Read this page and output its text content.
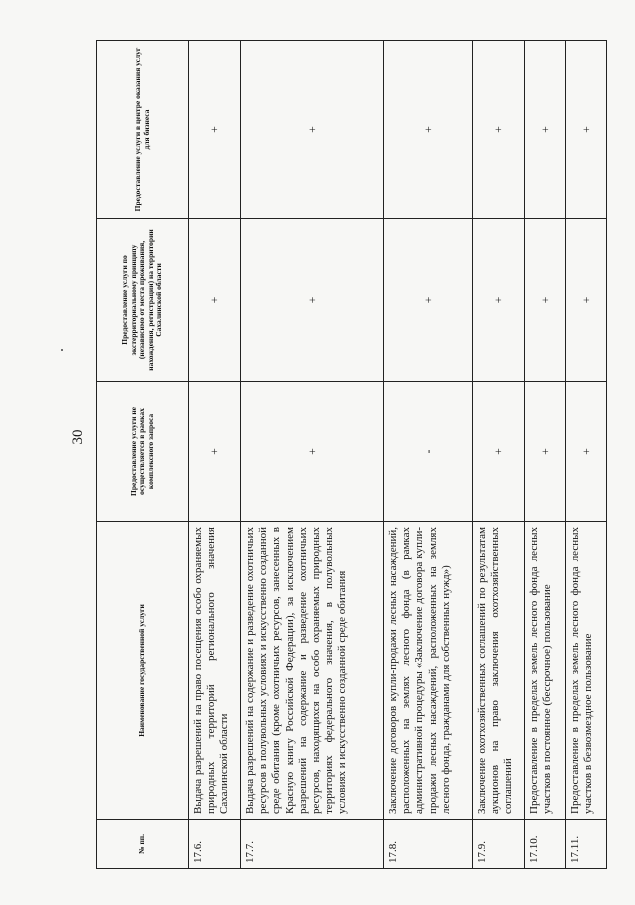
30
№ пп.	Наименование государственной услуги	Предоставление услуги не осуществляется в рамках комплексного запроса	Предоставление услуги по экстерриториальному принципу (независимо от места проживания, нахождения, регистрации) на территории Сахалинской области	Предоставление услуги в центре оказания услуг для бизнеса
17.6.	Выдача разрешений на право посещения особо охраняемых природных территорий регионального значения Сахалинской области	+	+	+
17.7.	Выдача разрешений на содержание и разведение охотничьих ресурсов в полувольных условиях и искусственно созданной среде обитания (кроме охотничьих ресурсов, занесенных в Красную книгу Российской Федерации), за исключением разрешений на содержание и разведение охотничьих ресурсов, находящихся на особо охраняемых природных территориях федерального значения, в полувольных условиях и искусственно созданной среде обитания	+	+	+
17.8.	Заключение договоров купли-продажи лесных насаждений, расположенных на землях лесного фонда (в рамках административной процедуры «Заключение договора купли-продажи лесных насаждений, расположенных на землях лесного фонда, гражданами для собственных нужд»)	-	+	+
17.9.	Заключение охотхозяйственных соглашений по результатам аукционов на право заключения охотхозяйственных соглашений	+	+	+
17.10.	Предоставление в пределах земель лесного фонда лесных участков в постоянное (бессрочное) пользование	+	+	+
17.11.	Предоставление в пределах земель лесного фонда лесных участков в безвозмездное пользование	+	+	+
